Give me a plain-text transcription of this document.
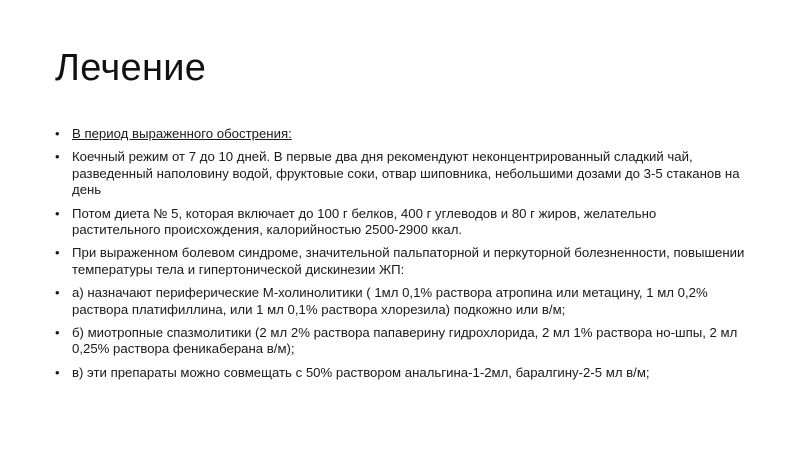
Лечение
• В период выраженного обострения:
• Коечный режим от 7 до 10 дней. В первые два дня рекомендуют неконцентрированный сладкий чай, разведенный наполовину водой, фруктовые соки, отвар шиповника, небольшими дозами до 3-5 стаканов на день
• Потом диета № 5, которая включает до 100 г белков, 400 г углеводов и 80 г жиров, желательно растительного происхождения, калорийностью 2500-2900 ккал.
• При выраженном болевом синдроме, значительной пальпаторной и перкуторной болезненности, повышении температуры тела и гипертонической дискинезии ЖП:
• а) назначают периферические М-холинолитики ( 1мл 0,1% раствора атропина или метацину, 1 мл 0,2% раствора платифиллина, или 1 мл 0,1% раствора хлорезила) подкожно или в/м;
• б) миотропные спазмолитики (2 мл 2% раствора папаверину гидрохлорида, 2 мл 1% раствора но-шпы, 2 мл 0,25% раствора феникаберана в/м);
• в) эти препараты можно совмещать с 50% раствором анальгина-1-2мл, баралгину-2-5 мл в/м;
